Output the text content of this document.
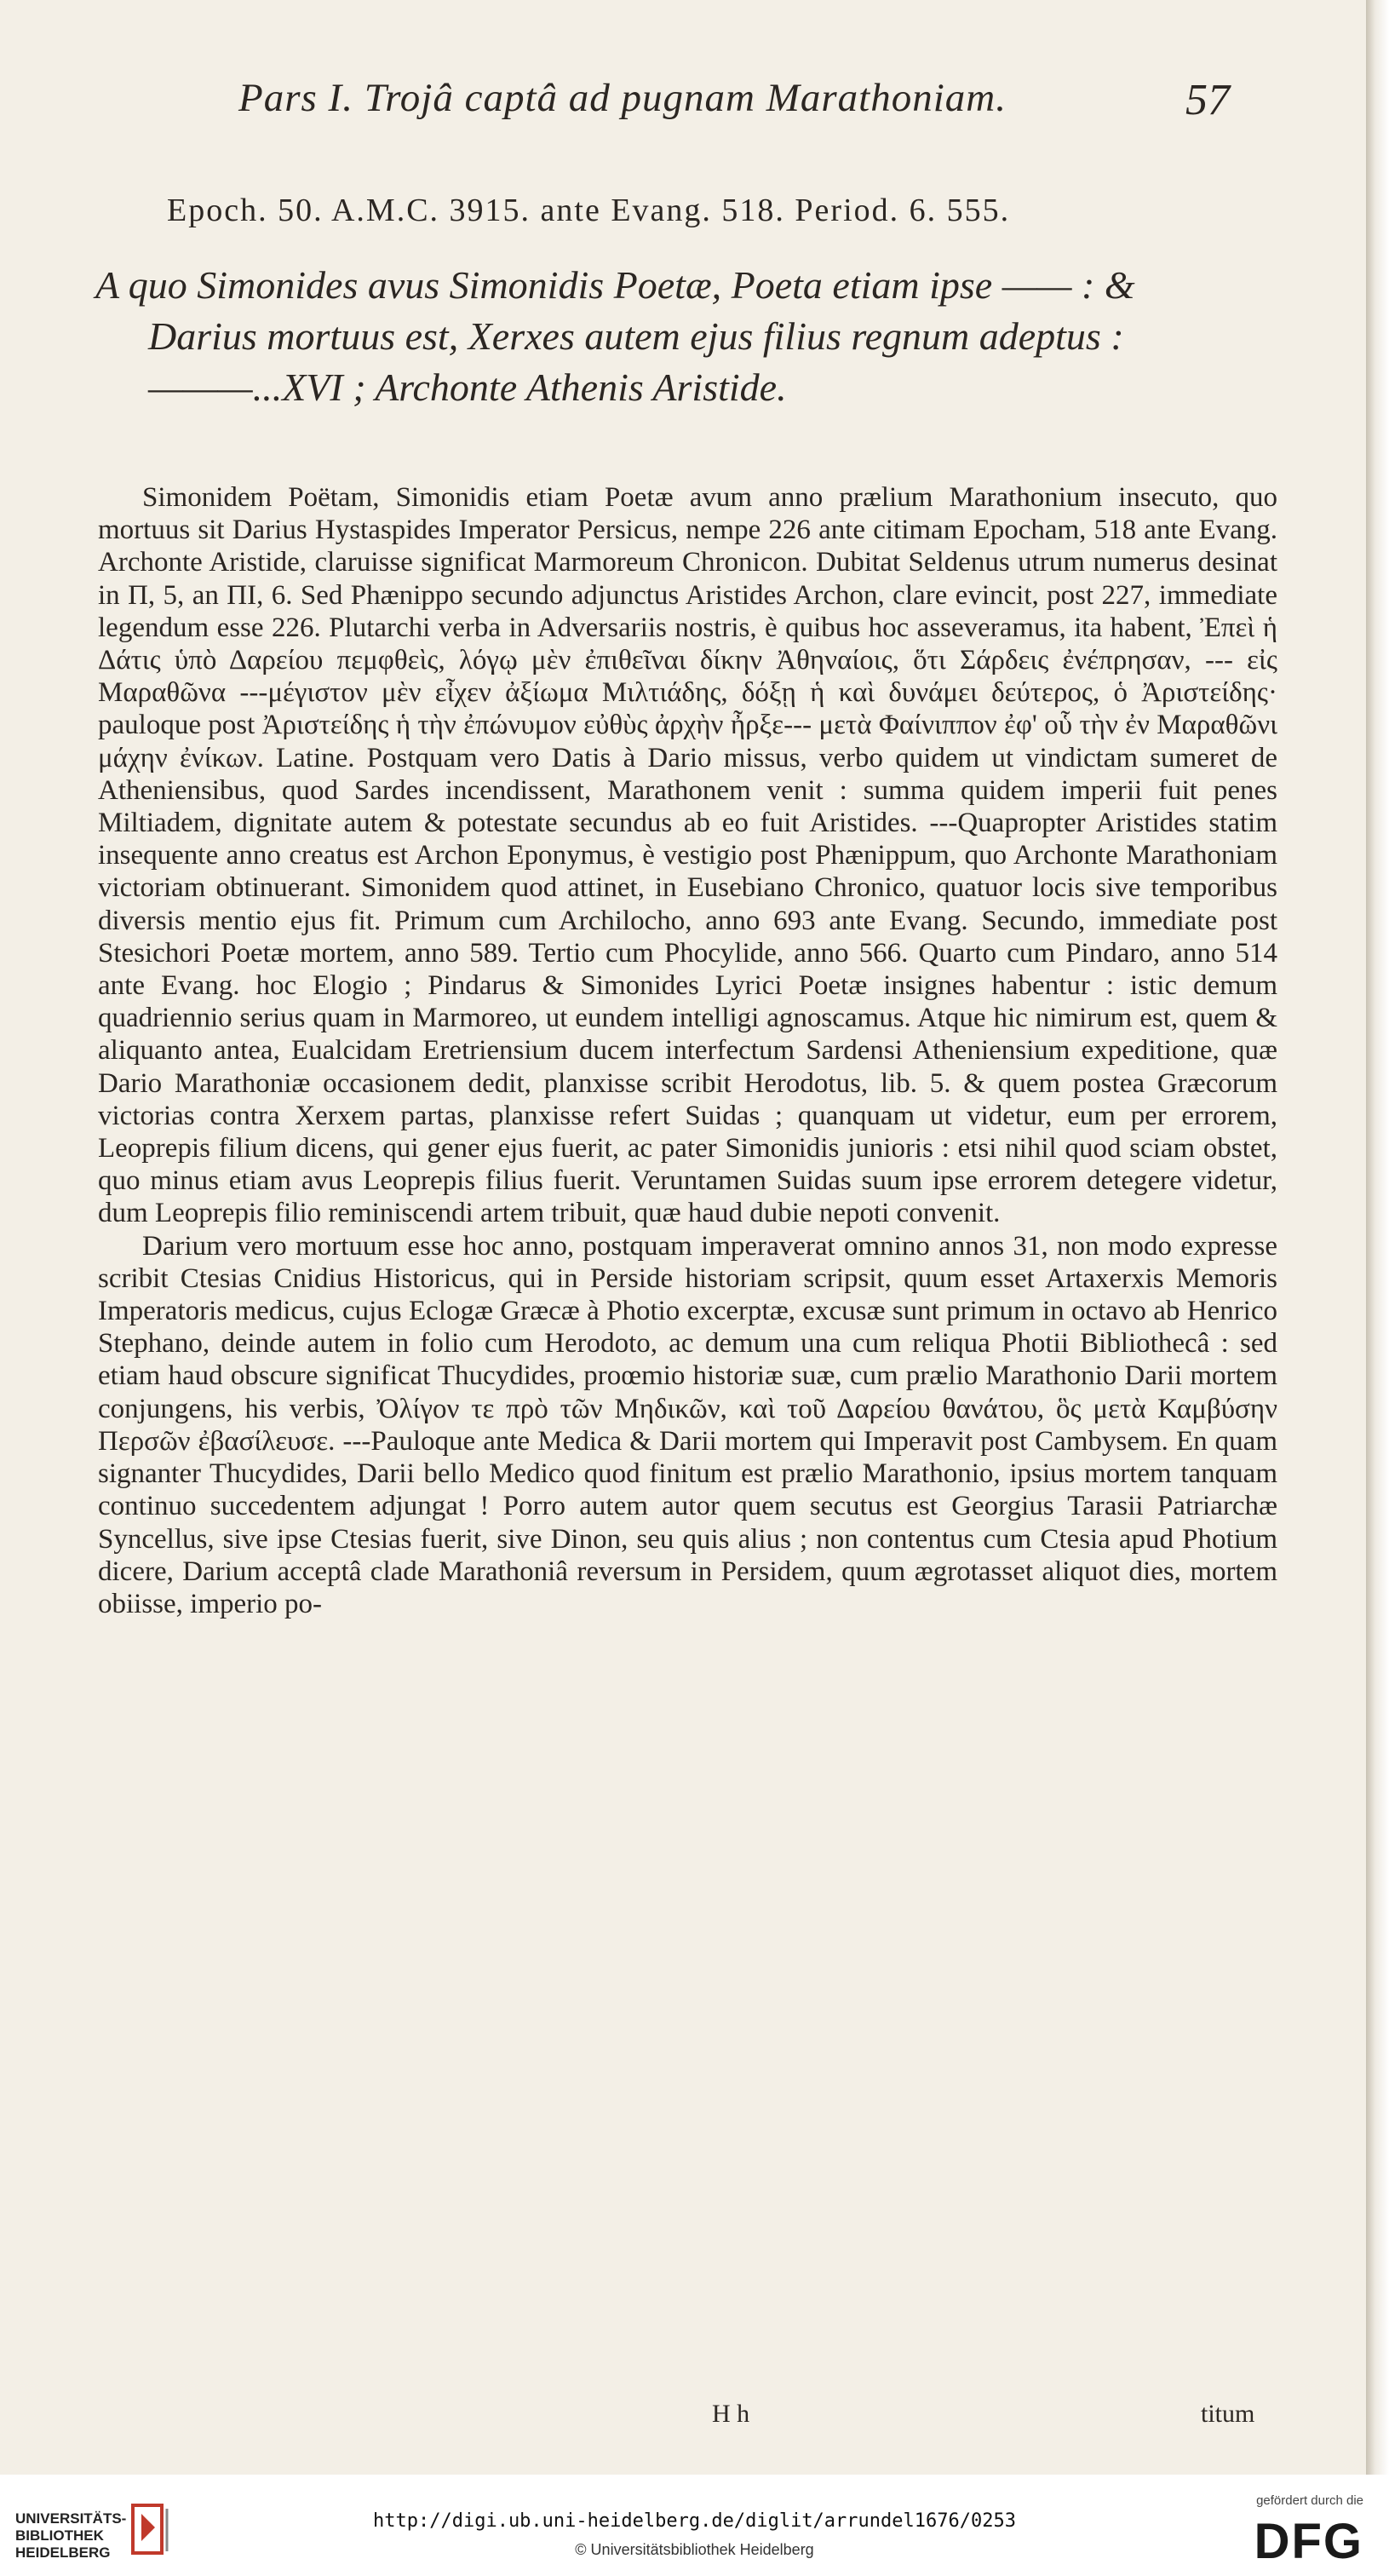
Pars I. Trojâ captâ ad pugnam Marathoniam.	57
Epoch. 50. A.M.C. 3915. ante Evang. 518. Period. 6. 555.

A quo Simonides avus Simonidis Poetæ, Poeta etiam ipse —— : &

Darius mortuus est, Xerxes autem ejus filius regnum adeptus :

———...XVI ; Archonte Athenis Aristide.

Simonidem Poëtam, Simonidis etiam Poetæ avum anno prælium Marathonium insecuto, quo mortuus sit Darius Hystaspides Imperator Persicus, nempe 226 ante citimam Epocham, 518 ante Evang. Archonte Aristide, claruisse significat Marmoreum Chronicon. Dubitat Seldenus utrum numerus desinat in Π, 5, an ΠΙ, 6. Sed Phænippo secundo adjunctus Aristides Archon, clare evincit, post 227, immediate legendum esse 226. Plutarchi verba in Adversariis nostris, è quibus hoc asseveramus, ita habent, Ἐπεὶ ἡ Δάτις ὑπὸ Δαρείου πεμφθεὶς, λόγῳ μὲν ἐπιθεῖναι δίκην Ἀθηναίοις, ὅτι Σάρδεις ἐνέπρησαν, --- εἰς Μαραθῶνα ---μέγιστον μὲν εἶχεν ἀξίωμα Μιλτιάδης, δόξῃ ἡ καὶ δυνάμει δεύτερος, ὁ Ἀριστείδης· pauloque post Ἀριστείδης ἡ τὴν ἐπώνυμον εὐθὺς ἀρχὴν ἦρξε--- μετὰ Φαίνιππον ἐφ' οὗ τὴν ἐν Μαραθῶνι μάχην ἐνίκων. Latine. Postquam vero Datis à Dario missus, verbo quidem ut vindictam sumeret de Atheniensibus, quod Sardes incendissent, Marathonem venit : summa quidem imperii fuit penes Miltiadem, dignitate autem & potestate secundus ab eo fuit Aristides. ---Quapropter Aristides statim insequente anno creatus est Archon Eponymus, è vestigio post Phænippum, quo Archonte Marathoniam victoriam obtinuerant. Simonidem quod attinet, in Eusebiano Chronico, quatuor locis sive temporibus diversis mentio ejus fit. Primum cum Archilocho, anno 693 ante Evang. Secundo, immediate post Stesichori Poetæ mortem, anno 589. Tertio cum Phocylide, anno 566. Quarto cum Pindaro, anno 514 ante Evang. hoc Elogio ; Pindarus & Simonides Lyrici Poetæ insignes habentur : istic demum quadriennio serius quam in Marmoreo, ut eundem intelligi agnoscamus. Atque hic nimirum est, quem & aliquanto antea, Eualcidam Eretriensium ducem interfectum Sardensi Atheniensium expeditione, quæ Dario Marathoniæ occasionem dedit, planxisse scribit Herodotus, lib. 5. & quem postea Græcorum victorias contra Xerxem partas, planxisse refert Suidas ; quanquam ut videtur, eum per errorem, Leoprepis filium dicens, qui gener ejus fuerit, ac pater Simonidis junioris : etsi nihil quod sciam obstet, quo minus etiam avus Leoprepis filius fuerit. Veruntamen Suidas suum ipse errorem detegere videtur, dum Leoprepis filio reminiscendi artem tribuit, quæ haud dubie nepoti convenit.

Darium vero mortuum esse hoc anno, postquam imperaverat omnino annos 31, non modo expresse scribit Ctesias Cnidius Historicus, qui in Perside historiam scripsit, quum esset Artaxerxis Memoris Imperatoris medicus, cujus Eclogæ Græcæ à Photio excerptæ, excusæ sunt primum in octavo ab Henrico Stephano, deinde autem in folio cum Herodoto, ac demum una cum reliqua Photii Bibliothecâ : sed etiam haud obscure significat Thucydides, proœmio historiæ suæ, cum prælio Marathonio Darii mortem conjungens, his verbis, Ὀλίγον τε πρὸ τῶν Μηδικῶν, καὶ τοῦ Δαρείου θανάτου, ὃς μετὰ Καμβύσην Περσῶν ἐβασίλευσε. ---Pauloque ante Medica & Darii mortem qui Imperavit post Cambysem. En quam signanter Thucydides, Darii bello Medico quod finitum est prælio Marathonio, ipsius mortem tanquam continuo succedentem adjungat ! Porro autem autor quem secutus est Georgius Tarasii Patriarchæ Syncellus, sive ipse Ctesias fuerit, sive Dinon, seu quis alius ; non contentus cum Ctesia apud Photium dicere, Darium acceptâ clade Marathoniâ reversum in Persidem, quum ægrotasset aliquot dies, mortem obiisse, imperio po-

H h	titum
UNIVERSITÄTS-
BIBLIOTHEK
HEIDELBERG
http://digi.ub.uni-heidelberg.de/diglit/arrundel1676/0253
© Universitätsbibliothek Heidelberg
gefördert durch die
DFG
